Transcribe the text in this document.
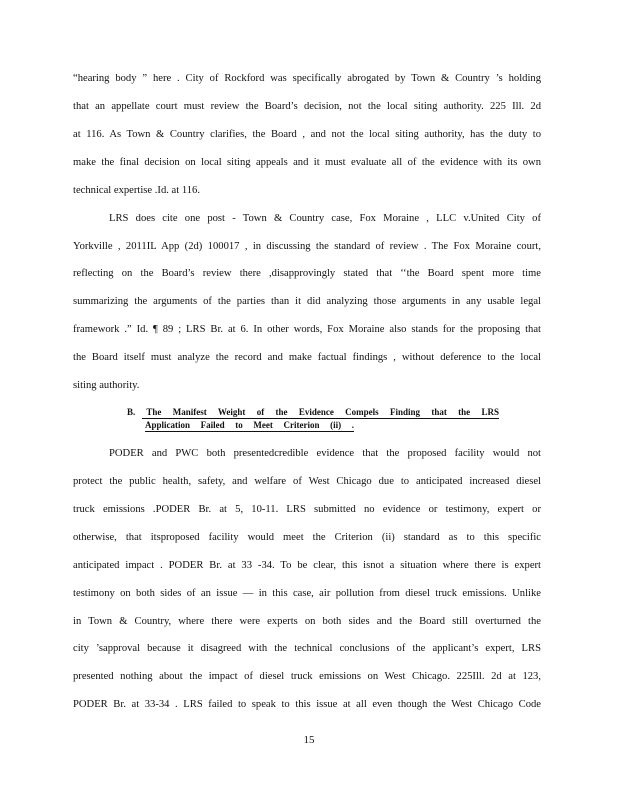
“hearing body ” here . City of Rockford was specifically abrogated by Town & Country ’s holding
that an appellate court must review the Board’s decision, not the local siting authority. 225 Ill. 2d
at 116. As Town & Country clarifies, the Board , and not the local siting authority, has the duty to
make the final decision on local siting appeals and it must evaluate all of the evidence with its own
technical expertise .Id. at 116.
LRS does cite one post - Town & Country case, Fox Moraine , LLC v.United City of
Yorkville , 2011IL App (2d) 100017 , in discussing the standard of review . The Fox Moraine court,
reflecting on the Board’s review there ,disapprovingly stated that ‘‘the Board spent more time
summarizing the arguments of the parties than it did analyzing those arguments in any usable legal
framework .” Id. ¶ 89 ; LRS Br. at 6. In other words, Fox Moraine also stands for the proposing that
the Board itself must analyze the record and make factual findings , without deference to the local
siting authority.
B. The Manifest Weight of the Evidence Compels Finding that the LRS
Application Failed to Meet Criterion (ii) .
PODER and PWC both presentedcredible evidence that the proposed facility would not
protect the public health, safety, and welfare of West Chicago due to anticipated increased diesel
truck emissions .PODER Br. at 5, 10-11. LRS submitted no evidence or testimony, expert or
otherwise, that itsproposed facility would meet the Criterion (ii) standard as to this specific
anticipated impact . PODER Br. at 33 -34. To be clear, this isnot a situation where there is expert
testimony on both sides of an issue — in this case, air pollution from diesel truck emissions. Unlike
in Town & Country, where there were experts on both sides and the Board still overturned the
city ’sapproval because it disagreed with the technical conclusions of the applicant’s expert, LRS
presented nothing about the impact of diesel truck emissions on West Chicago. 225Ill. 2d at 123,
PODER Br. at 33-34 . LRS failed to speak to this issue at all even though the West Chicago Code
15
